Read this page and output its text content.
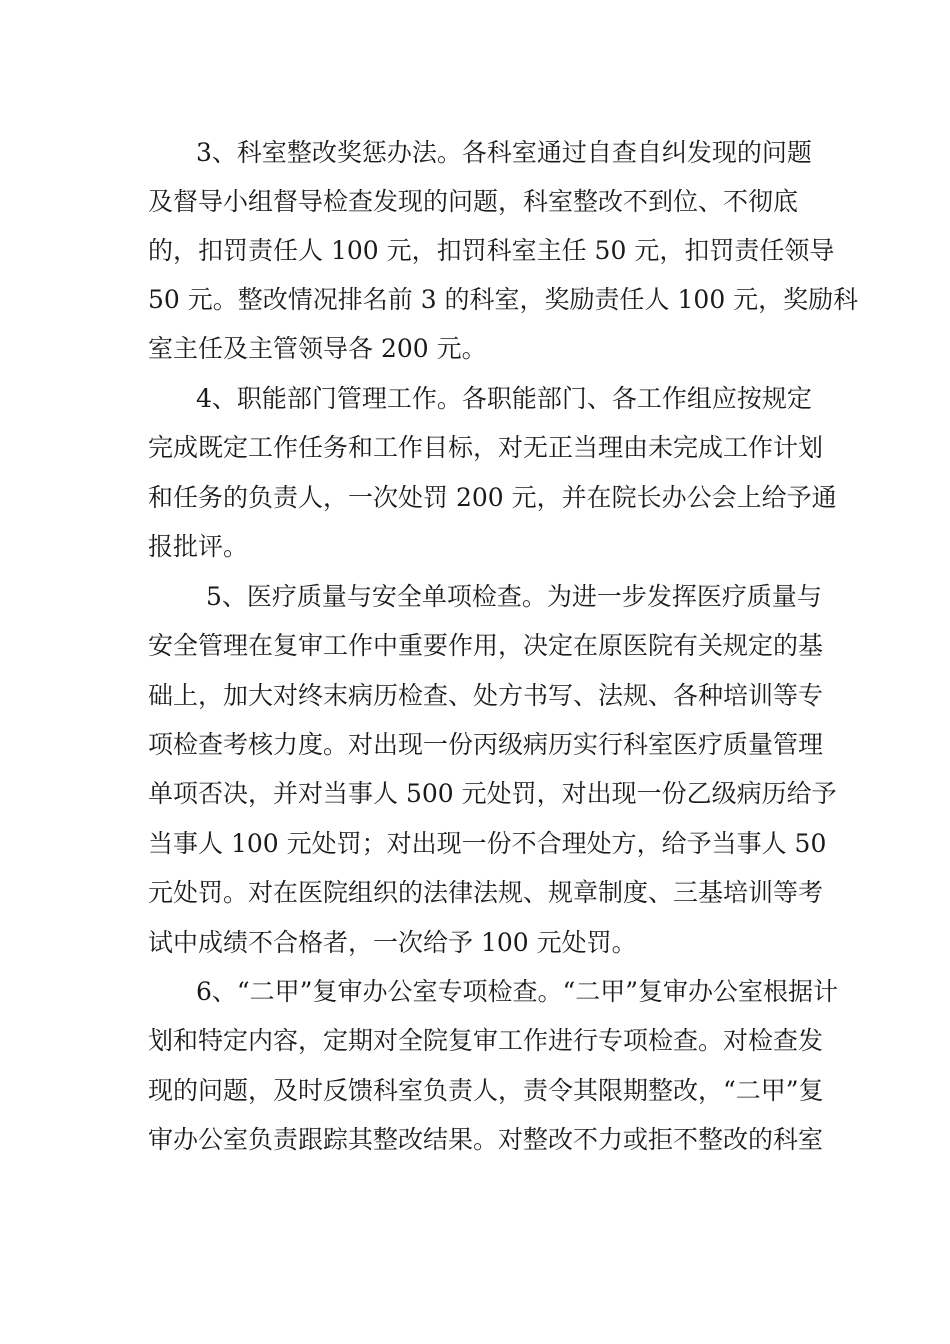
3、科室整改奖惩办法。各科室通过自查自纠发现的问题

及督导小组督导检查发现的问题，科室整改不到位、不彻底

的，扣罚责任人 100 元，扣罚科室主任 50 元，扣罚责任领导

50 元。整改情况排名前 3 的科室，奖励责任人 100 元，奖励科

室主任及主管领导各 200 元。

4、职能部门管理工作。各职能部门、各工作组应按规定

完成既定工作任务和工作目标，对无正当理由未完成工作计划

和任务的负责人，一次处罚 200 元，并在院长办公会上给予通

报批评。

5、医疗质量与安全单项检查。为进一步发挥医疗质量与

安全管理在复审工作中重要作用，决定在原医院有关规定的基

础上，加大对终末病历检查、处方书写、法规、各种培训等专

项检查考核力度。对出现一份丙级病历实行科室医疗质量管理

单项否决，并对当事人 500 元处罚，对出现一份乙级病历给予

当事人 100 元处罚；对出现一份不合理处方，给予当事人 50

元处罚。对在医院组织的法律法规、规章制度、三基培训等考

试中成绩不合格者，一次给予 100 元处罚。

6、“二甲”复审办公室专项检查。“二甲”复审办公室根据计

划和特定内容，定期对全院复审工作进行专项检查。对检查发

现的问题，及时反馈科室负责人，责令其限期整改，“二甲”复

审办公室负责跟踪其整改结果。对整改不力或拒不整改的科室
